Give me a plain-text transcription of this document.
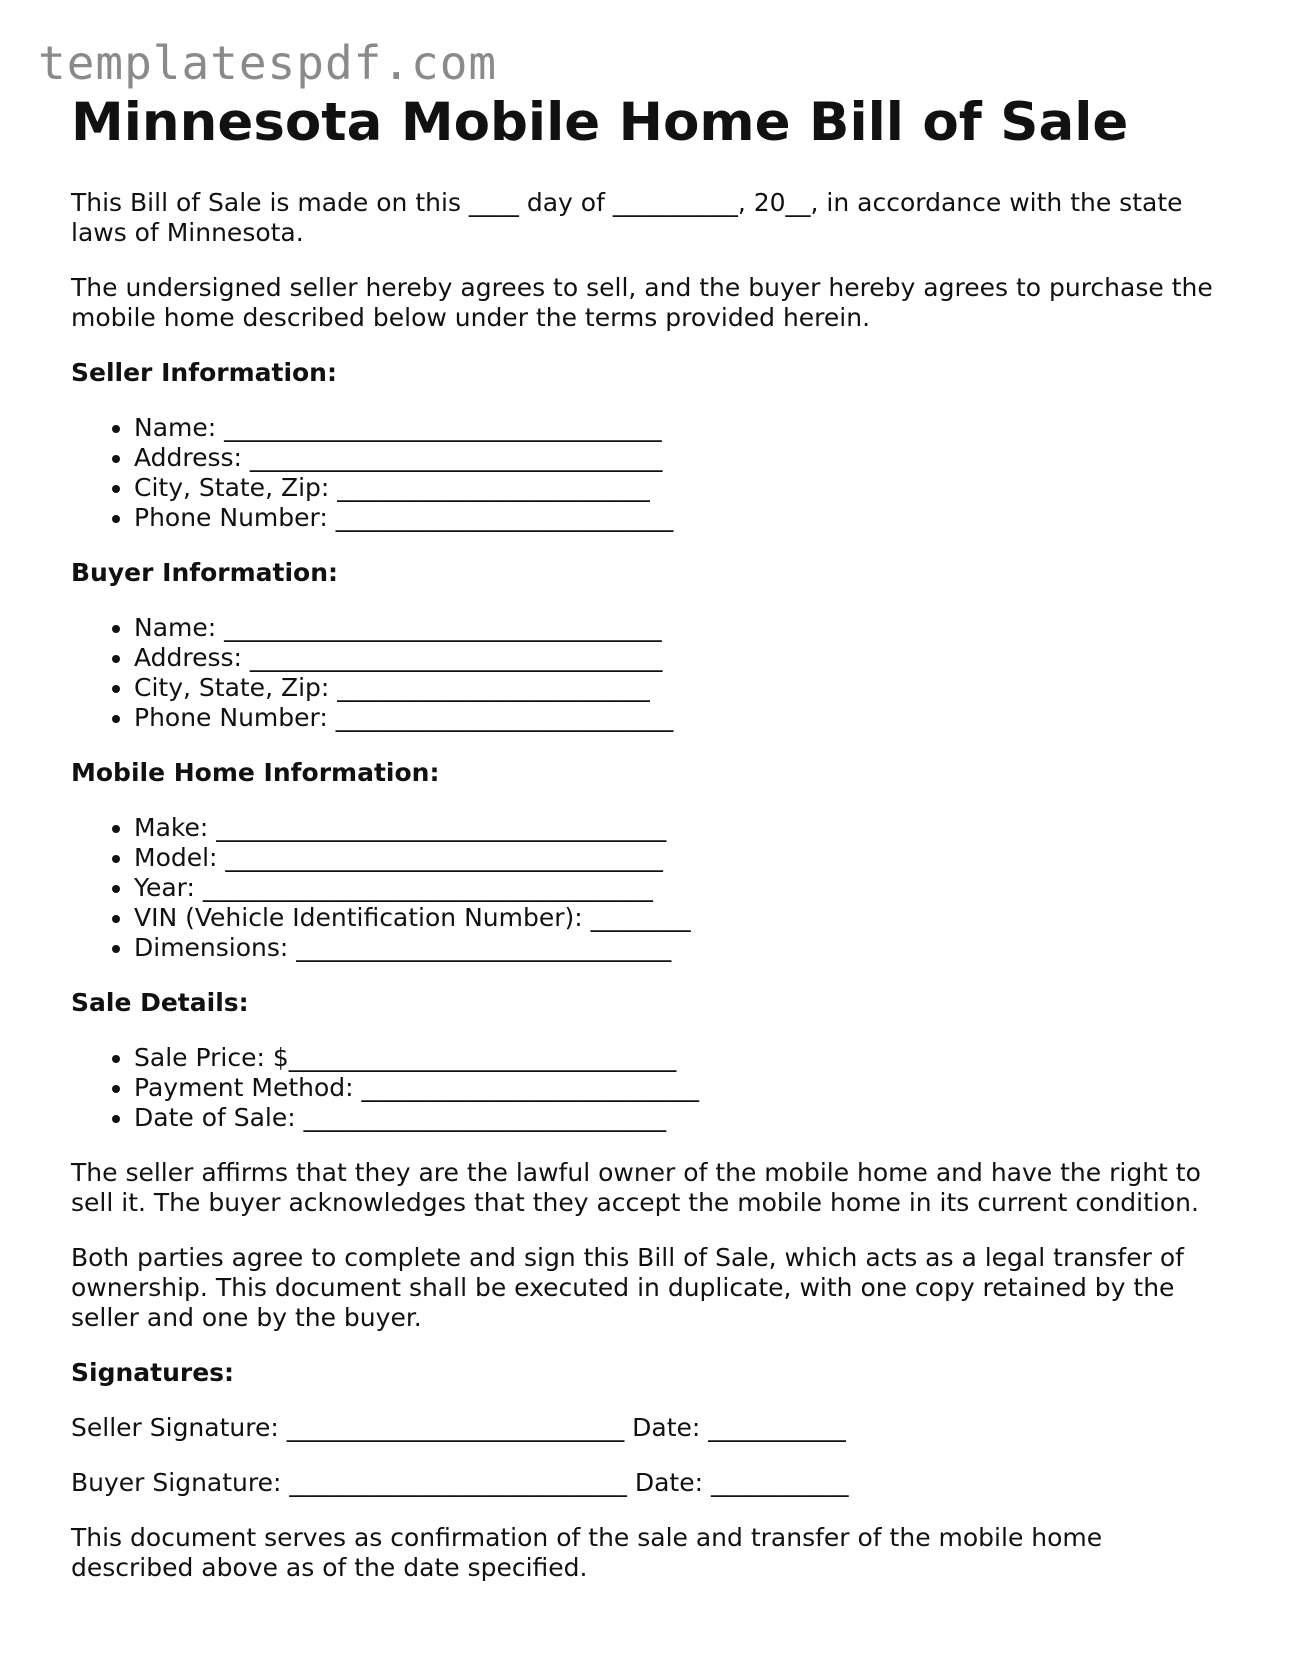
templatespdf.com
Minnesota Mobile Home Bill of Sale

This Bill of Sale is made on this ____ day of __________, 20__, in accordance with the state laws of Minnesota.

The undersigned seller hereby agrees to sell, and the buyer hereby agrees to purchase the mobile home described below under the terms provided herein.

Seller Information:
• Name: ___________________________________
• Address: _________________________________
• City, State, Zip: _________________________
• Phone Number: ___________________________
Buyer Information:
• Name: ___________________________________
• Address: _________________________________
• City, State, Zip: _________________________
• Phone Number: ___________________________
Mobile Home Information:
• Make: ____________________________________
• Model: ___________________________________
• Year: ____________________________________
• VIN (Vehicle Identification Number): ________
• Dimensions: ______________________________
Sale Details:
• Sale Price: $_______________________________
• Payment Method: ___________________________
• Date of Sale: _____________________________

The seller affirms that they are the lawful owner of the mobile home and have the right to sell it. The buyer acknowledges that they accept the mobile home in its current condition.

Both parties agree to complete and sign this Bill of Sale, which acts as a legal transfer of ownership. This document shall be executed in duplicate, with one copy retained by the seller and one by the buyer.

Signatures:

Seller Signature: ___________________________ Date: ___________

Buyer Signature: ___________________________ Date: ___________

This document serves as confirmation of the sale and transfer of the mobile home described above as of the date specified.
